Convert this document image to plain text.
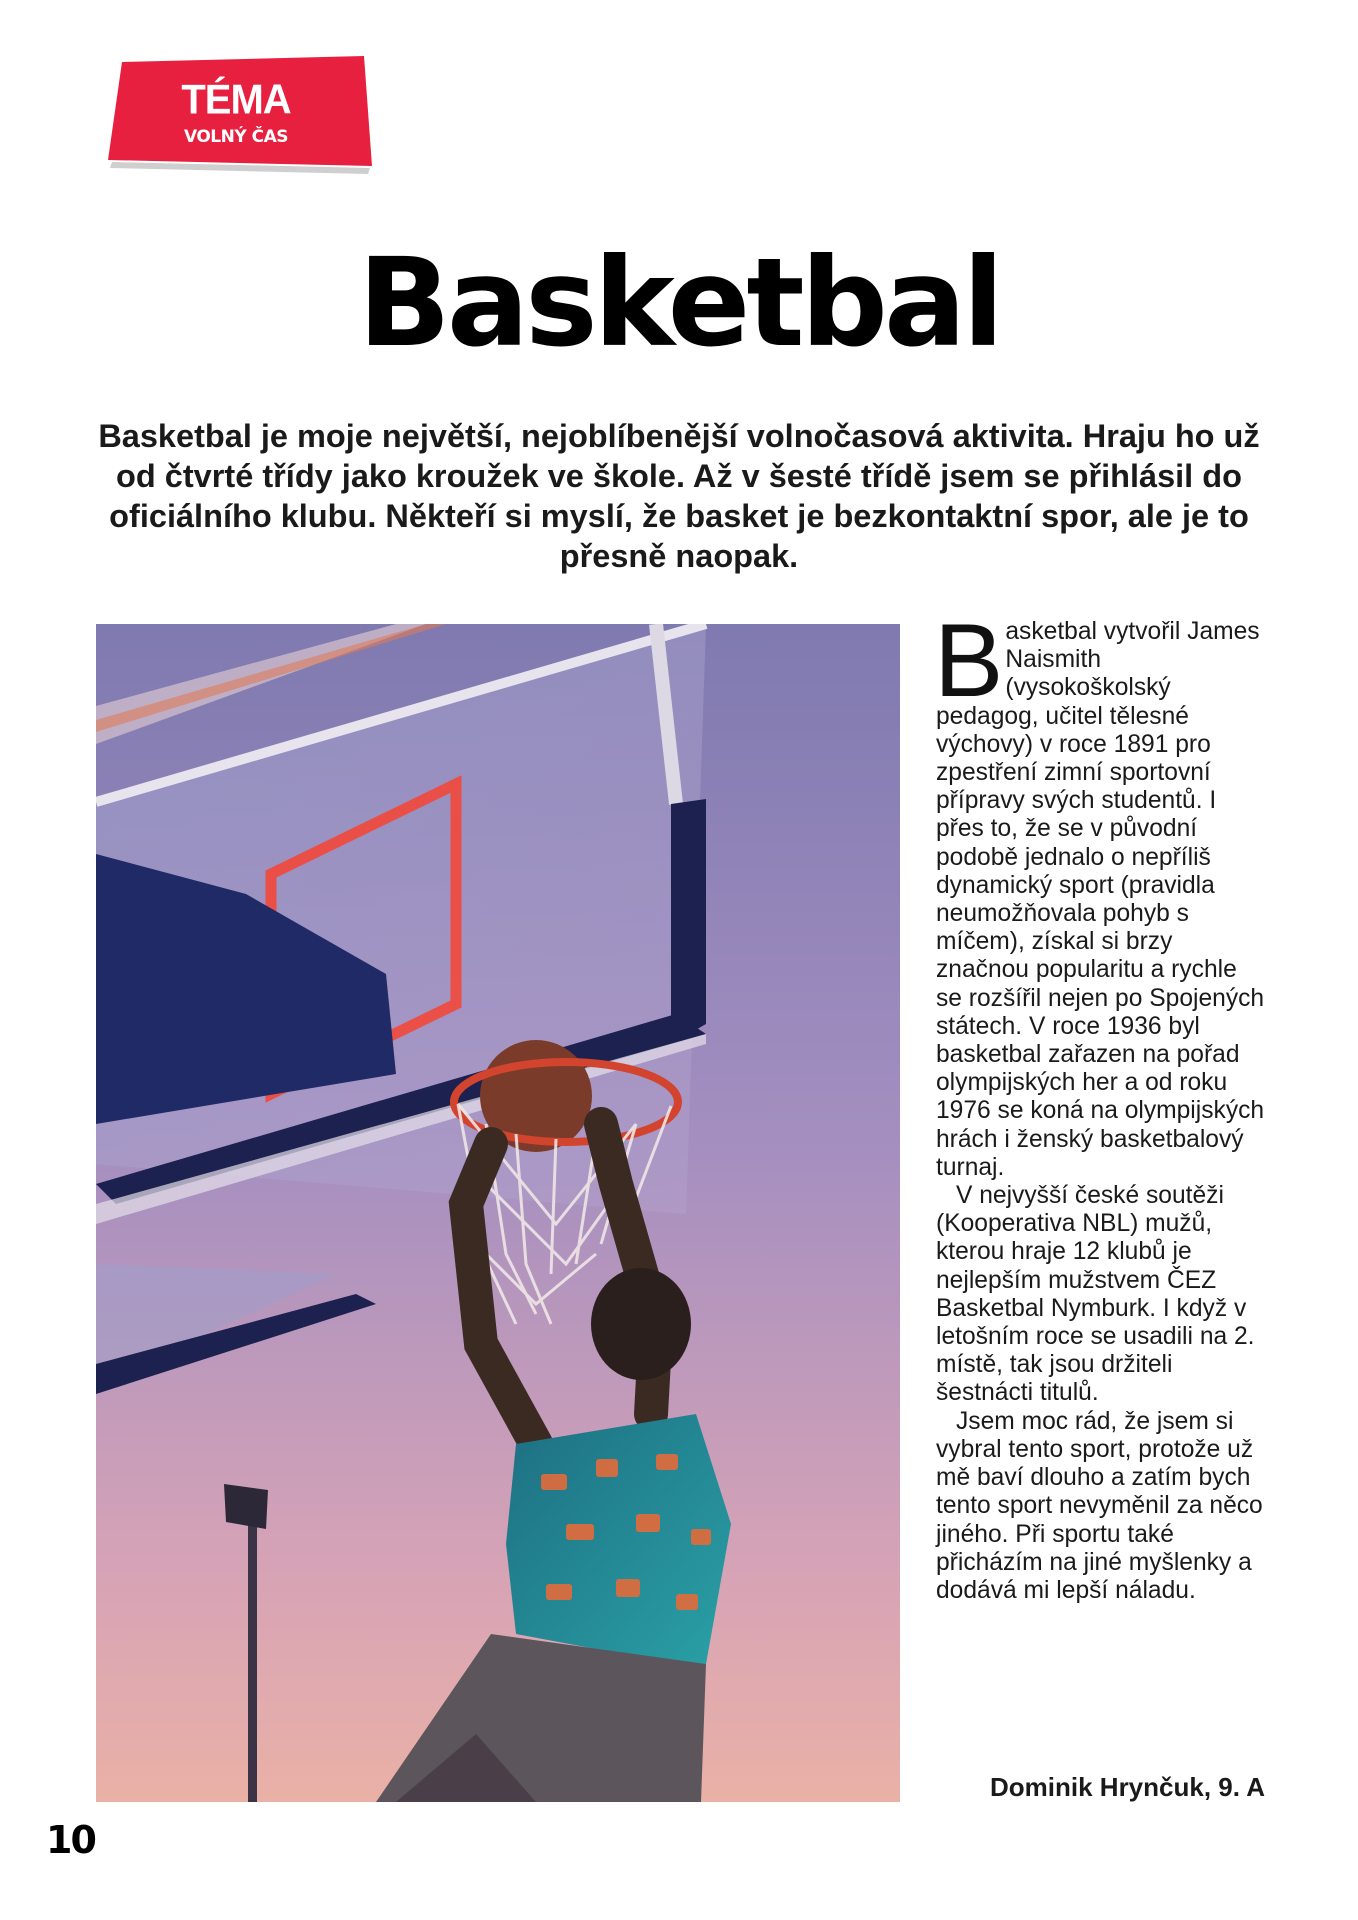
TÉMA
VOLNÝ ČAS
Basketbal

Basketbal je moje největší, nejoblíbenější volnočasová aktivita. Hraju ho už od čtvrté třídy jako kroužek ve škole. Až v šesté třídě jsem se přihlásil do oficiálního klubu. Někteří si myslí, že basket je bezkontaktní spor, ale je to přesně naopak.

Basketbal vytvořil James Naismith (vysokoškolský pedagog, učitel tělesné výchovy) v roce 1891 pro zpestření zimní sportovní přípravy svých studentů. I přes to, že se v původní podobě jednalo o nepříliš dynamický sport (pravidla neumožňovala pohyb s míčem), získal si brzy značnou popularitu a rychle se rozšířil nejen po Spojených státech. V roce 1936 byl basketbal zařazen na pořad olympijských her a od roku 1976 se koná na olympijských hrách i ženský basketbalový turnaj.

V nejvyšší české soutěži (Kooperativa NBL) mužů, kterou hraje 12 klubů je nejlepším mužstvem ČEZ Basketbal Nymburk. I když v letošním roce se usadili na 2. místě, tak jsou držiteli šestnácti titulů.

Jsem moc rád, že jsem si vybral tento sport, protože už mě baví dlouho a zatím bych tento sport nevyměnil za něco jiného. Při sportu také přicházím na jiné myšlenky a dodává mi lepší náladu.

Dominik Hrynčuk, 9. A
10
